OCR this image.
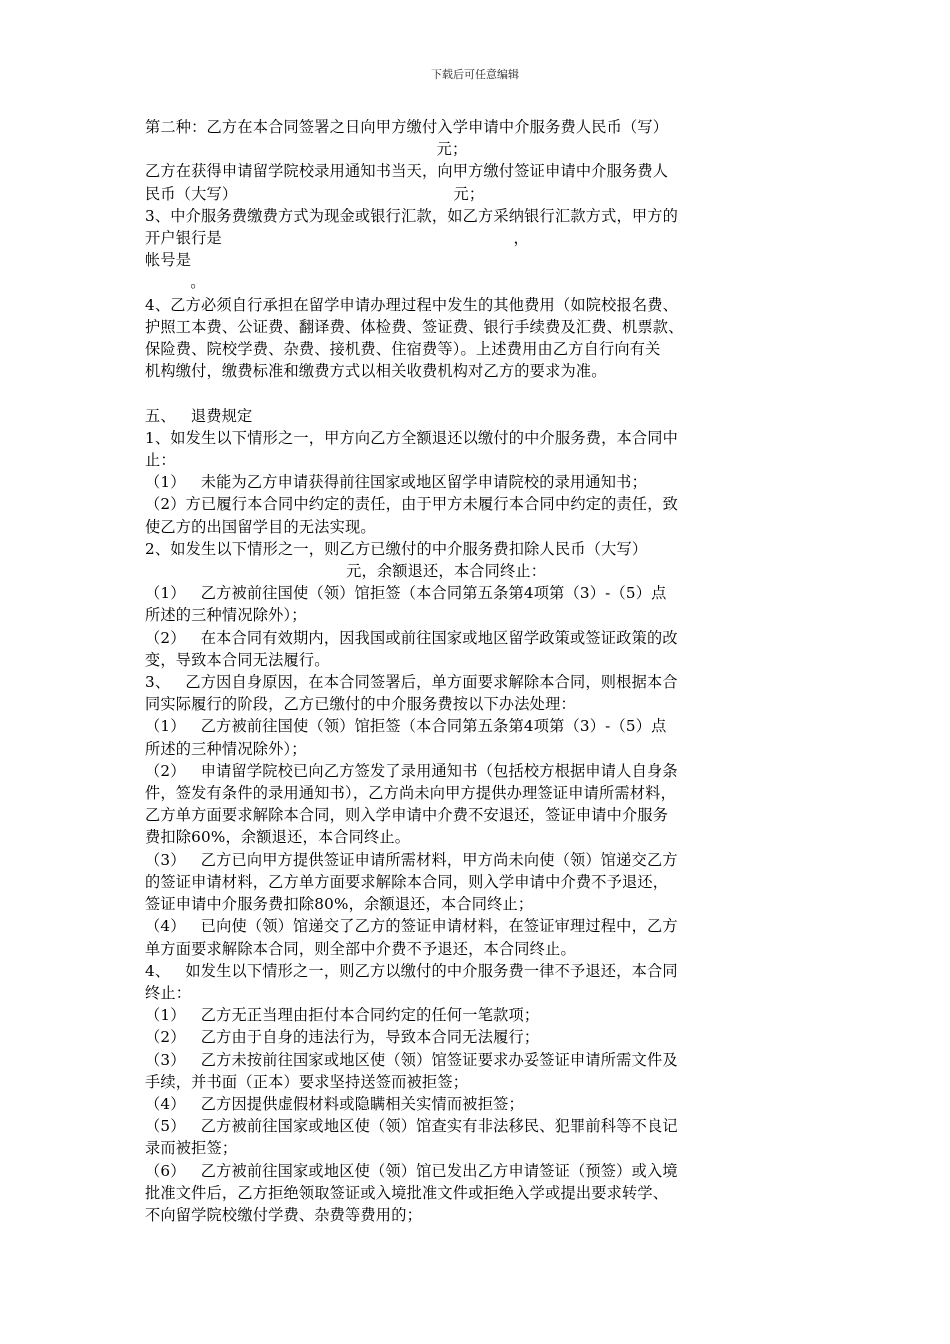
下载后可任意编辑
第二种：乙方在本合同签署之日向甲方缴付入学申请中介服务费人民币（写）
元；
乙方在获得申请留学院校录用通知书当天，向甲方缴付签证申请中介服务费人
民币（大写）                                           元；
3、中介服务费缴费方式为现金或银行汇款，如乙方采纳银行汇款方式，甲方的
开户银行是                                                          ，
帐号是
。
4、乙方必须自行承担在留学申请办理过程中发生的其他费用（如院校报名费、
护照工本费、公证费、翻译费、体检费、签证费、银行手续费及汇费、机票款、
保险费、院校学费、杂费、接机费、住宿费等）。上述费用由乙方自行向有关
机构缴付，缴费标准和缴费方式以相关收费机构对乙方的要求为准。
五、   退费规定
1、如发生以下情形之一，甲方向乙方全额退还以缴付的中介服务费，本合同中
止：
（1）   未能为乙方申请获得前往国家或地区留学申请院校的录用通知书；
（2）方已履行本合同中约定的责任，由于甲方未履行本合同中约定的责任，致
使乙方的出国留学目的无法实现。
2、如发生以下情形之一，则乙方已缴付的中介服务费扣除人民币（大写）
元，余额退还，本合同终止：
（1）   乙方被前往国使（领）馆拒签（本合同第五条第4项第（3）-（5）点
所述的三种情况除外）；
（2）   在本合同有效期内，因我国或前往国家或地区留学政策或签证政策的改
变，导致本合同无法履行。
3、   乙方因自身原因，在本合同签署后，单方面要求解除本合同，则根据本合
同实际履行的阶段，乙方已缴付的中介服务费按以下办法处理：
（1）   乙方被前往国使（领）馆拒签（本合同第五条第4项第（3）-（5）点
所述的三种情况除外）；
（2）   申请留学院校已向乙方签发了录用通知书（包括校方根据申请人自身条
件，签发有条件的录用通知书），乙方尚未向甲方提供办理签证申请所需材料，
乙方单方面要求解除本合同，则入学申请中介费不安退还，签证申请中介服务
费扣除60%，余额退还，本合同终止。
（3）   乙方已向甲方提供签证申请所需材料，甲方尚未向使（领）馆递交乙方
的签证申请材料，乙方单方面要求解除本合同，则入学申请中介费不予退还，
签证申请中介服务费扣除80%，余额退还，本合同终止；
（4）   已向使（领）馆递交了乙方的签证申请材料，在签证审理过程中，乙方
单方面要求解除本合同，则全部中介费不予退还，本合同终止。
4、   如发生以下情形之一，则乙方以缴付的中介服务费一律不予退还，本合同
终止：
（1）   乙方无正当理由拒付本合同约定的任何一笔款项；
（2）   乙方由于自身的违法行为，导致本合同无法履行；
（3）   乙方未按前往国家或地区使（领）馆签证要求办妥签证申请所需文件及
手续，并书面（正本）要求坚持送签而被拒签；
（4）   乙方因提供虚假材料或隐瞒相关实情而被拒签；
（5）   乙方被前往国家或地区使（领）馆查实有非法移民、犯罪前科等不良记
录而被拒签；
（6）   乙方被前往国家或地区使（领）馆已发出乙方申请签证（预签）或入境
批准文件后，乙方拒绝领取签证或入境批准文件或拒绝入学或提出要求转学、
不向留学院校缴付学费、杂费等费用的；
